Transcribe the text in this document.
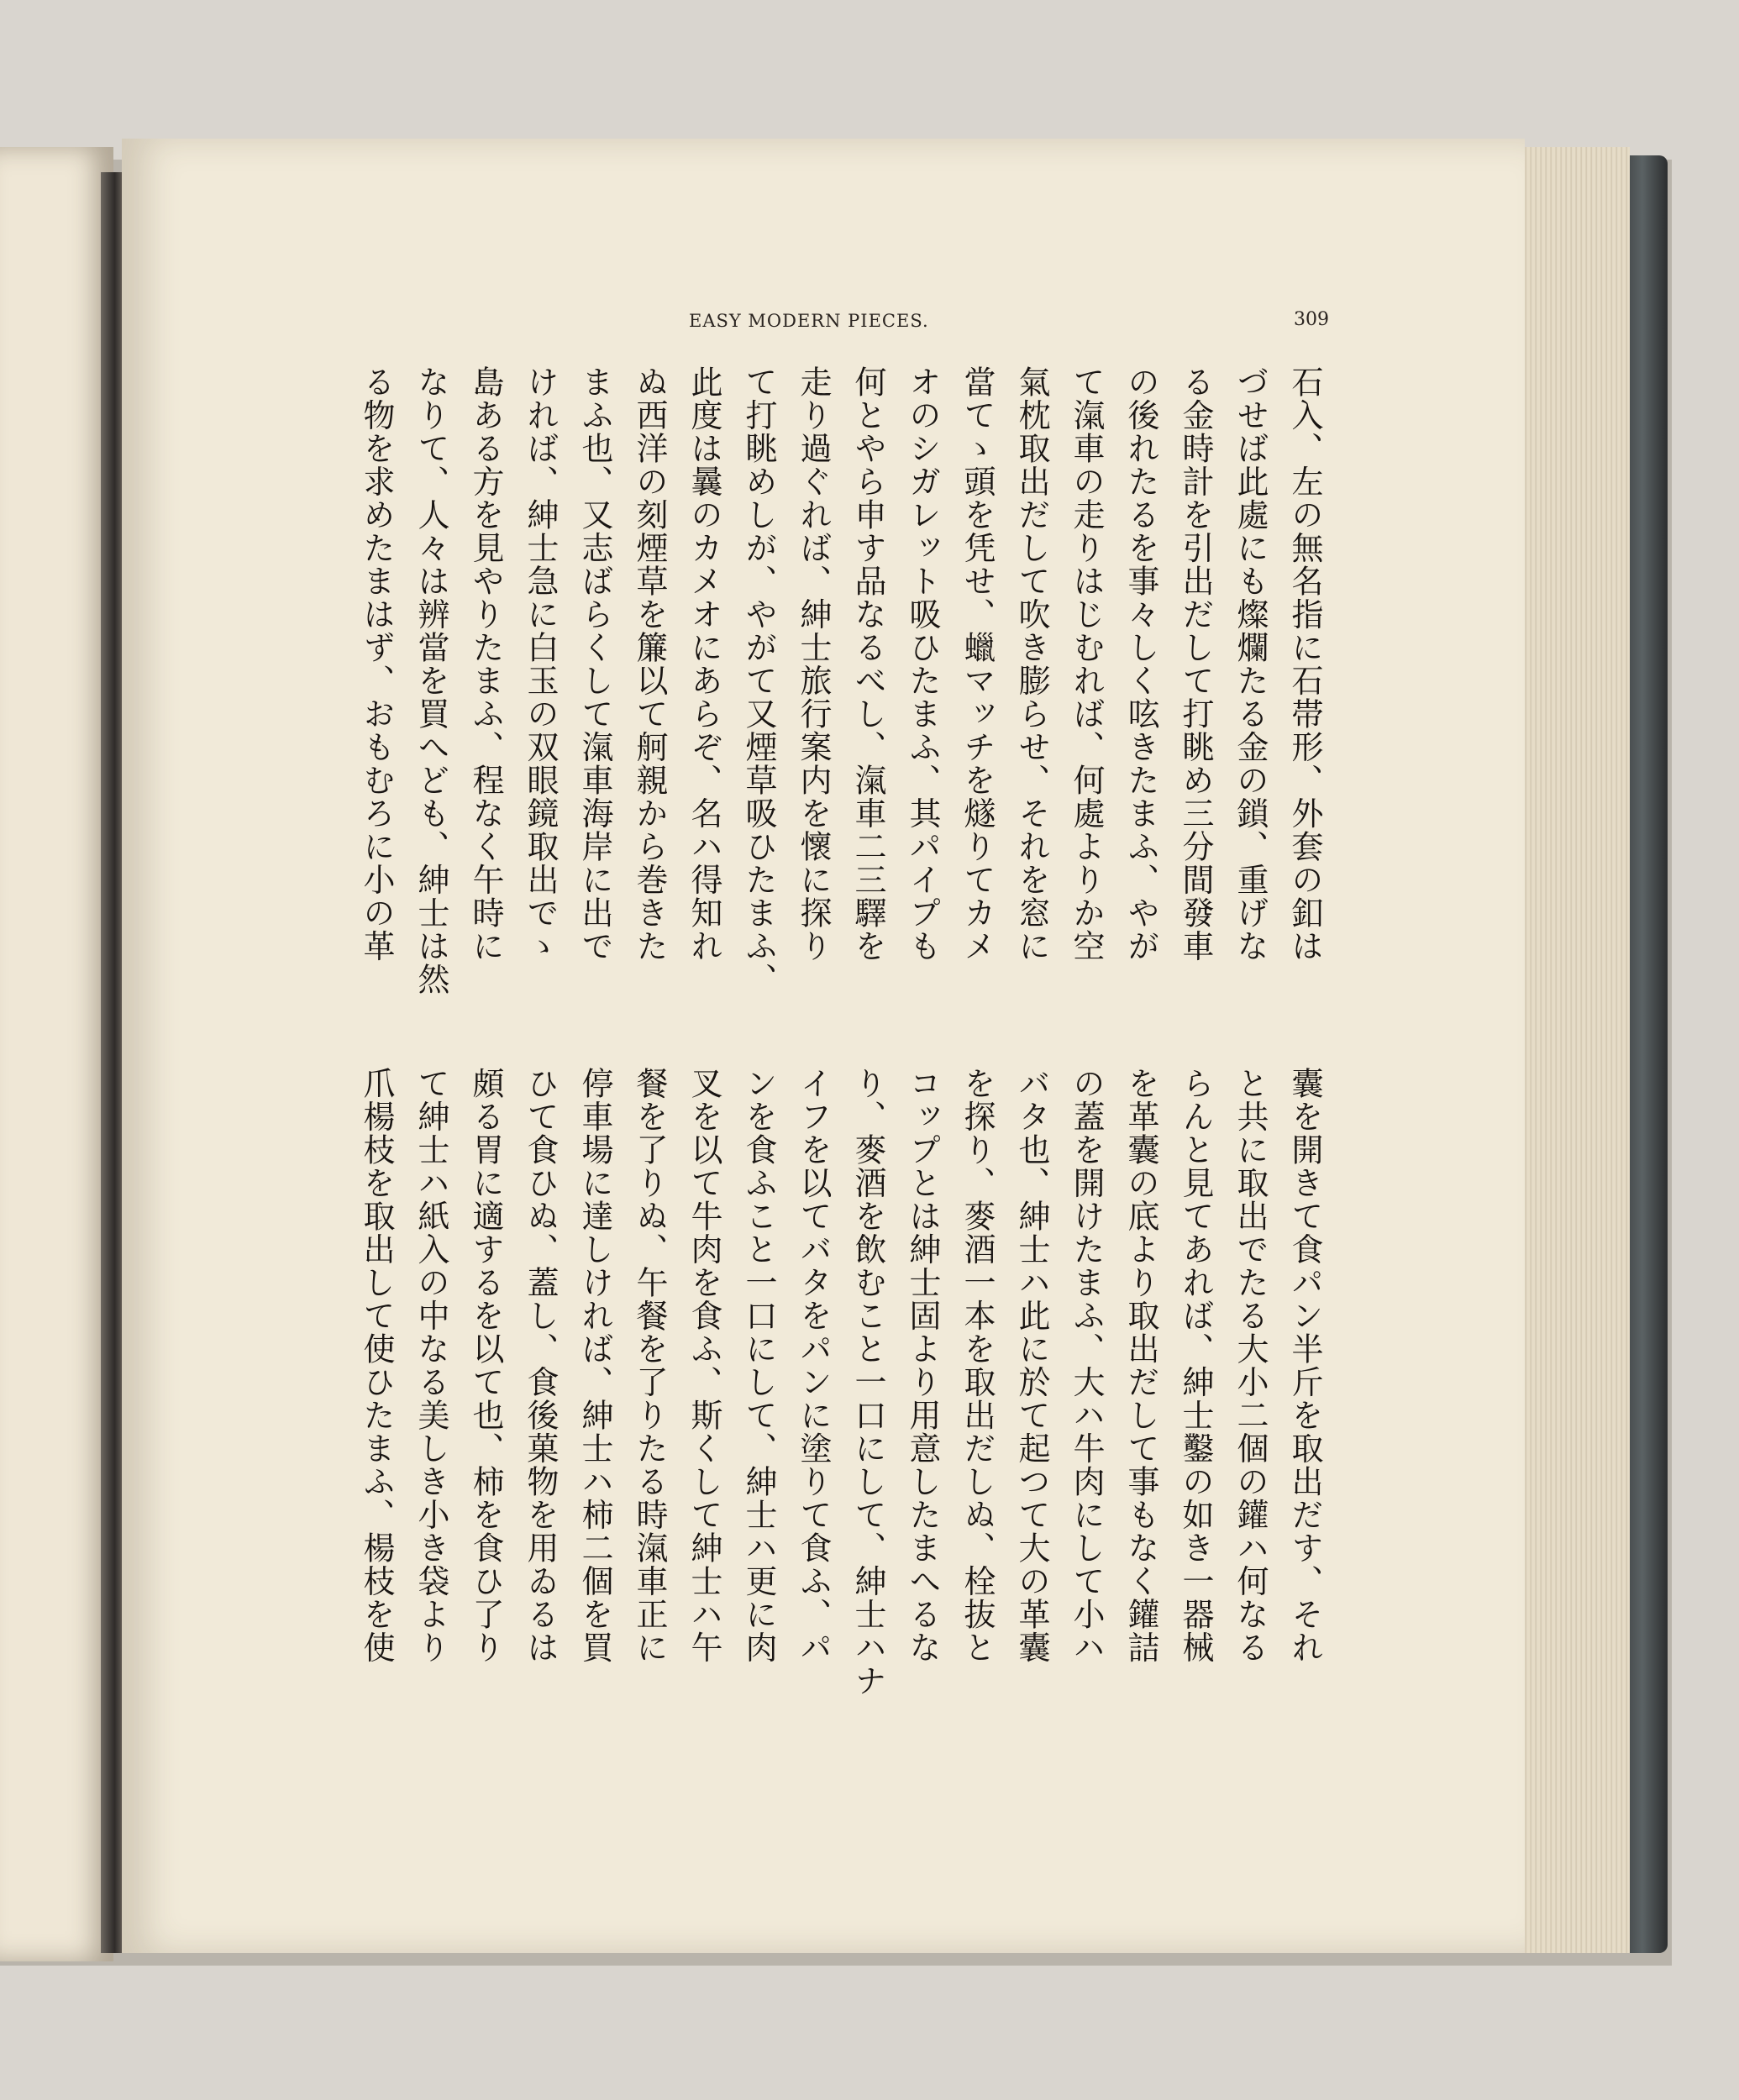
EASY MODERN PIECES.	309
石入、左の無名指に石帯形、外套の釦は
づせば此處にも燦爛たる金の鎖、重げな
る金時計を引出だして打眺め三分間發車
の後れたるを事々しく呟きたまふ、やが
て滊車の走りはじむれば、何處よりか空
氣枕取出だして吹き膨らせ、それを窓に
當てゝ頭を凭せ、蠟マッチを燧りてカメ
オのシガレット吸ひたまふ、其パイプも
何とやら申す品なるべし、滊車二三驛を
走り過ぐれば、紳士旅行案内を懷に探り
て打眺めしが、やがて又煙草吸ひたまふ、
此度は曩のカメオにあらぞ、名ハ得知れ
ぬ西洋の刻煙草を簾以て舸親から巻きた
まふ也、又志ばらくして滊車海岸に出で
ければ、紳士急に白玉の双眼鏡取出でゝ
島ある方を見やりたまふ、程なく午時に
なりて、人々は辨當を買へども、紳士は然
る物を求めたまはず、おもむろに小の革
囊を開きて食パン半斤を取出だす、それ
と共に取出でたる大小二個の鑵ハ何なる
らんと見てあれば、紳士鑿の如き一器械
を革囊の底より取出だして事もなく鑵詰
の蓋を開けたまふ、大ハ牛肉にして小ハ
バタ也、紳士ハ此に於て起つて大の革囊
を探り、麥酒一本を取出だしぬ、栓抜と
コップとは紳士固より用意したまへるな
り、麥酒を飲むこと一口にして、紳士ハナ
イフを以てバタをパンに塗りて食ふ、パ
ンを食ふこと一口にして、紳士ハ更に肉
叉を以て牛肉を食ふ、斯くして紳士ハ午
餐を了りぬ、午餐を了りたる時滊車正に
停車場に達しければ、紳士ハ柿二個を買
ひて食ひぬ、蓋し、食後菓物を用ゐるは
頗る胃に適するを以て也、柿を食ひ了り
て紳士ハ紙入の中なる美しき小き袋より
爪楊枝を取出して使ひたまふ、楊枝を使
